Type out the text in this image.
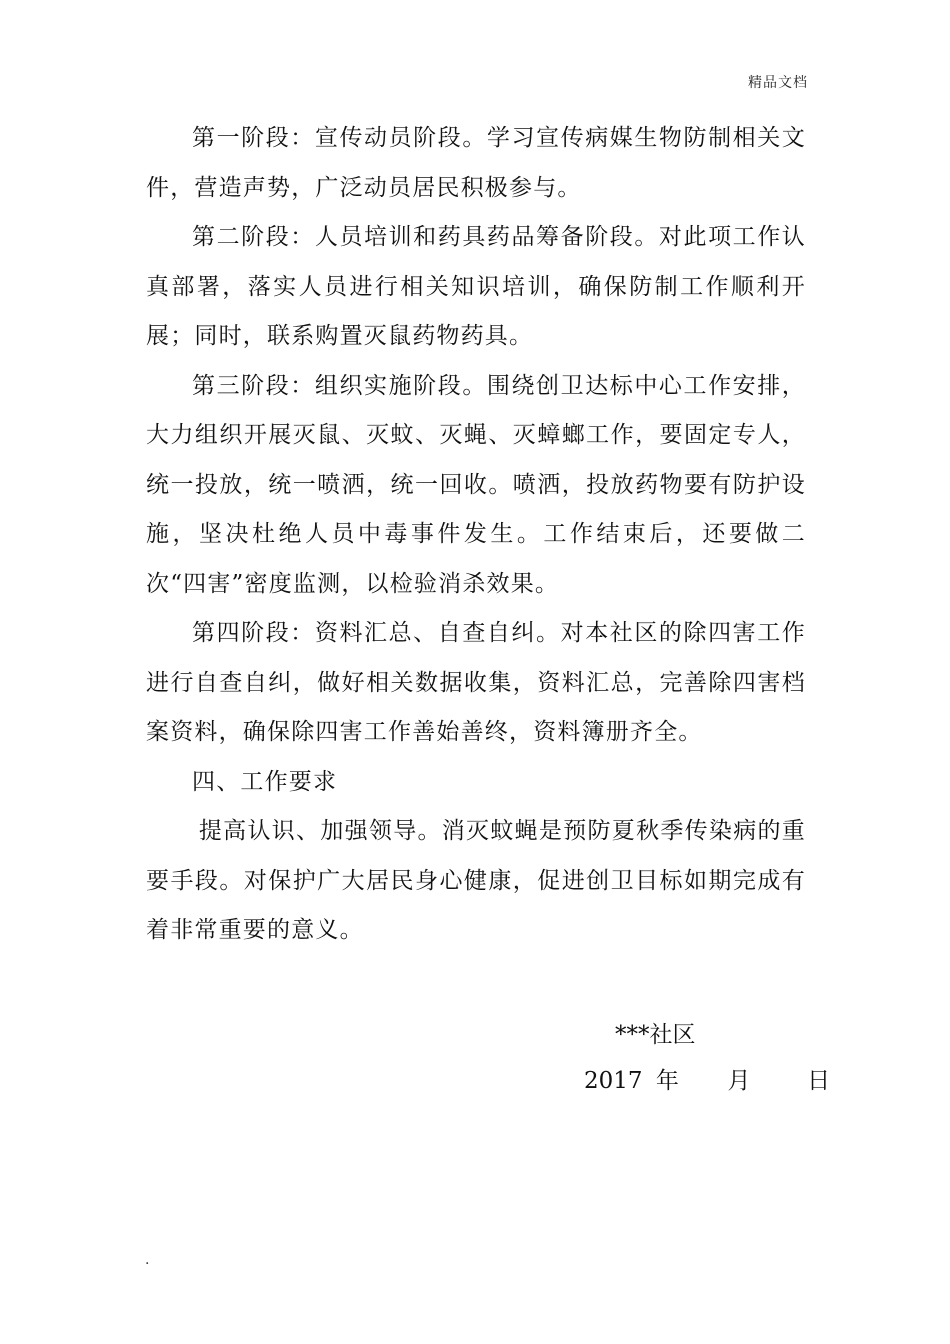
精品文档

第一阶段：宣传动员阶段。学习宣传病媒生物防制相关文件，营造声势，广泛动员居民积极参与。

第二阶段：人员培训和药具药品筹备阶段。对此项工作认真部署，落实人员进行相关知识培训，确保防制工作顺利开展；同时，联系购置灭鼠药物药具。

第三阶段：组织实施阶段。围绕创卫达标中心工作安排，大力组织开展灭鼠、灭蚊、灭蝇、灭蟑螂工作，要固定专人，统一投放，统一喷洒，统一回收。喷洒，投放药物要有防护设施，坚决杜绝人员中毒事件发生。工作结束后，还要做二次“四害”密度监测，以检验消杀效果。

第四阶段：资料汇总、自查自纠。对本社区的除四害工作进行自查自纠，做好相关数据收集，资料汇总，完善除四害档案资料，确保除四害工作善始善终，资料簿册齐全。

四、工作要求

提高认识、加强领导。消灭蚊蝇是预防夏秋季传染病的重要手段。对保护广大居民身心健康，促进创卫目标如期完成有着非常重要的意义。

***社区
2017 年 月 日
.
